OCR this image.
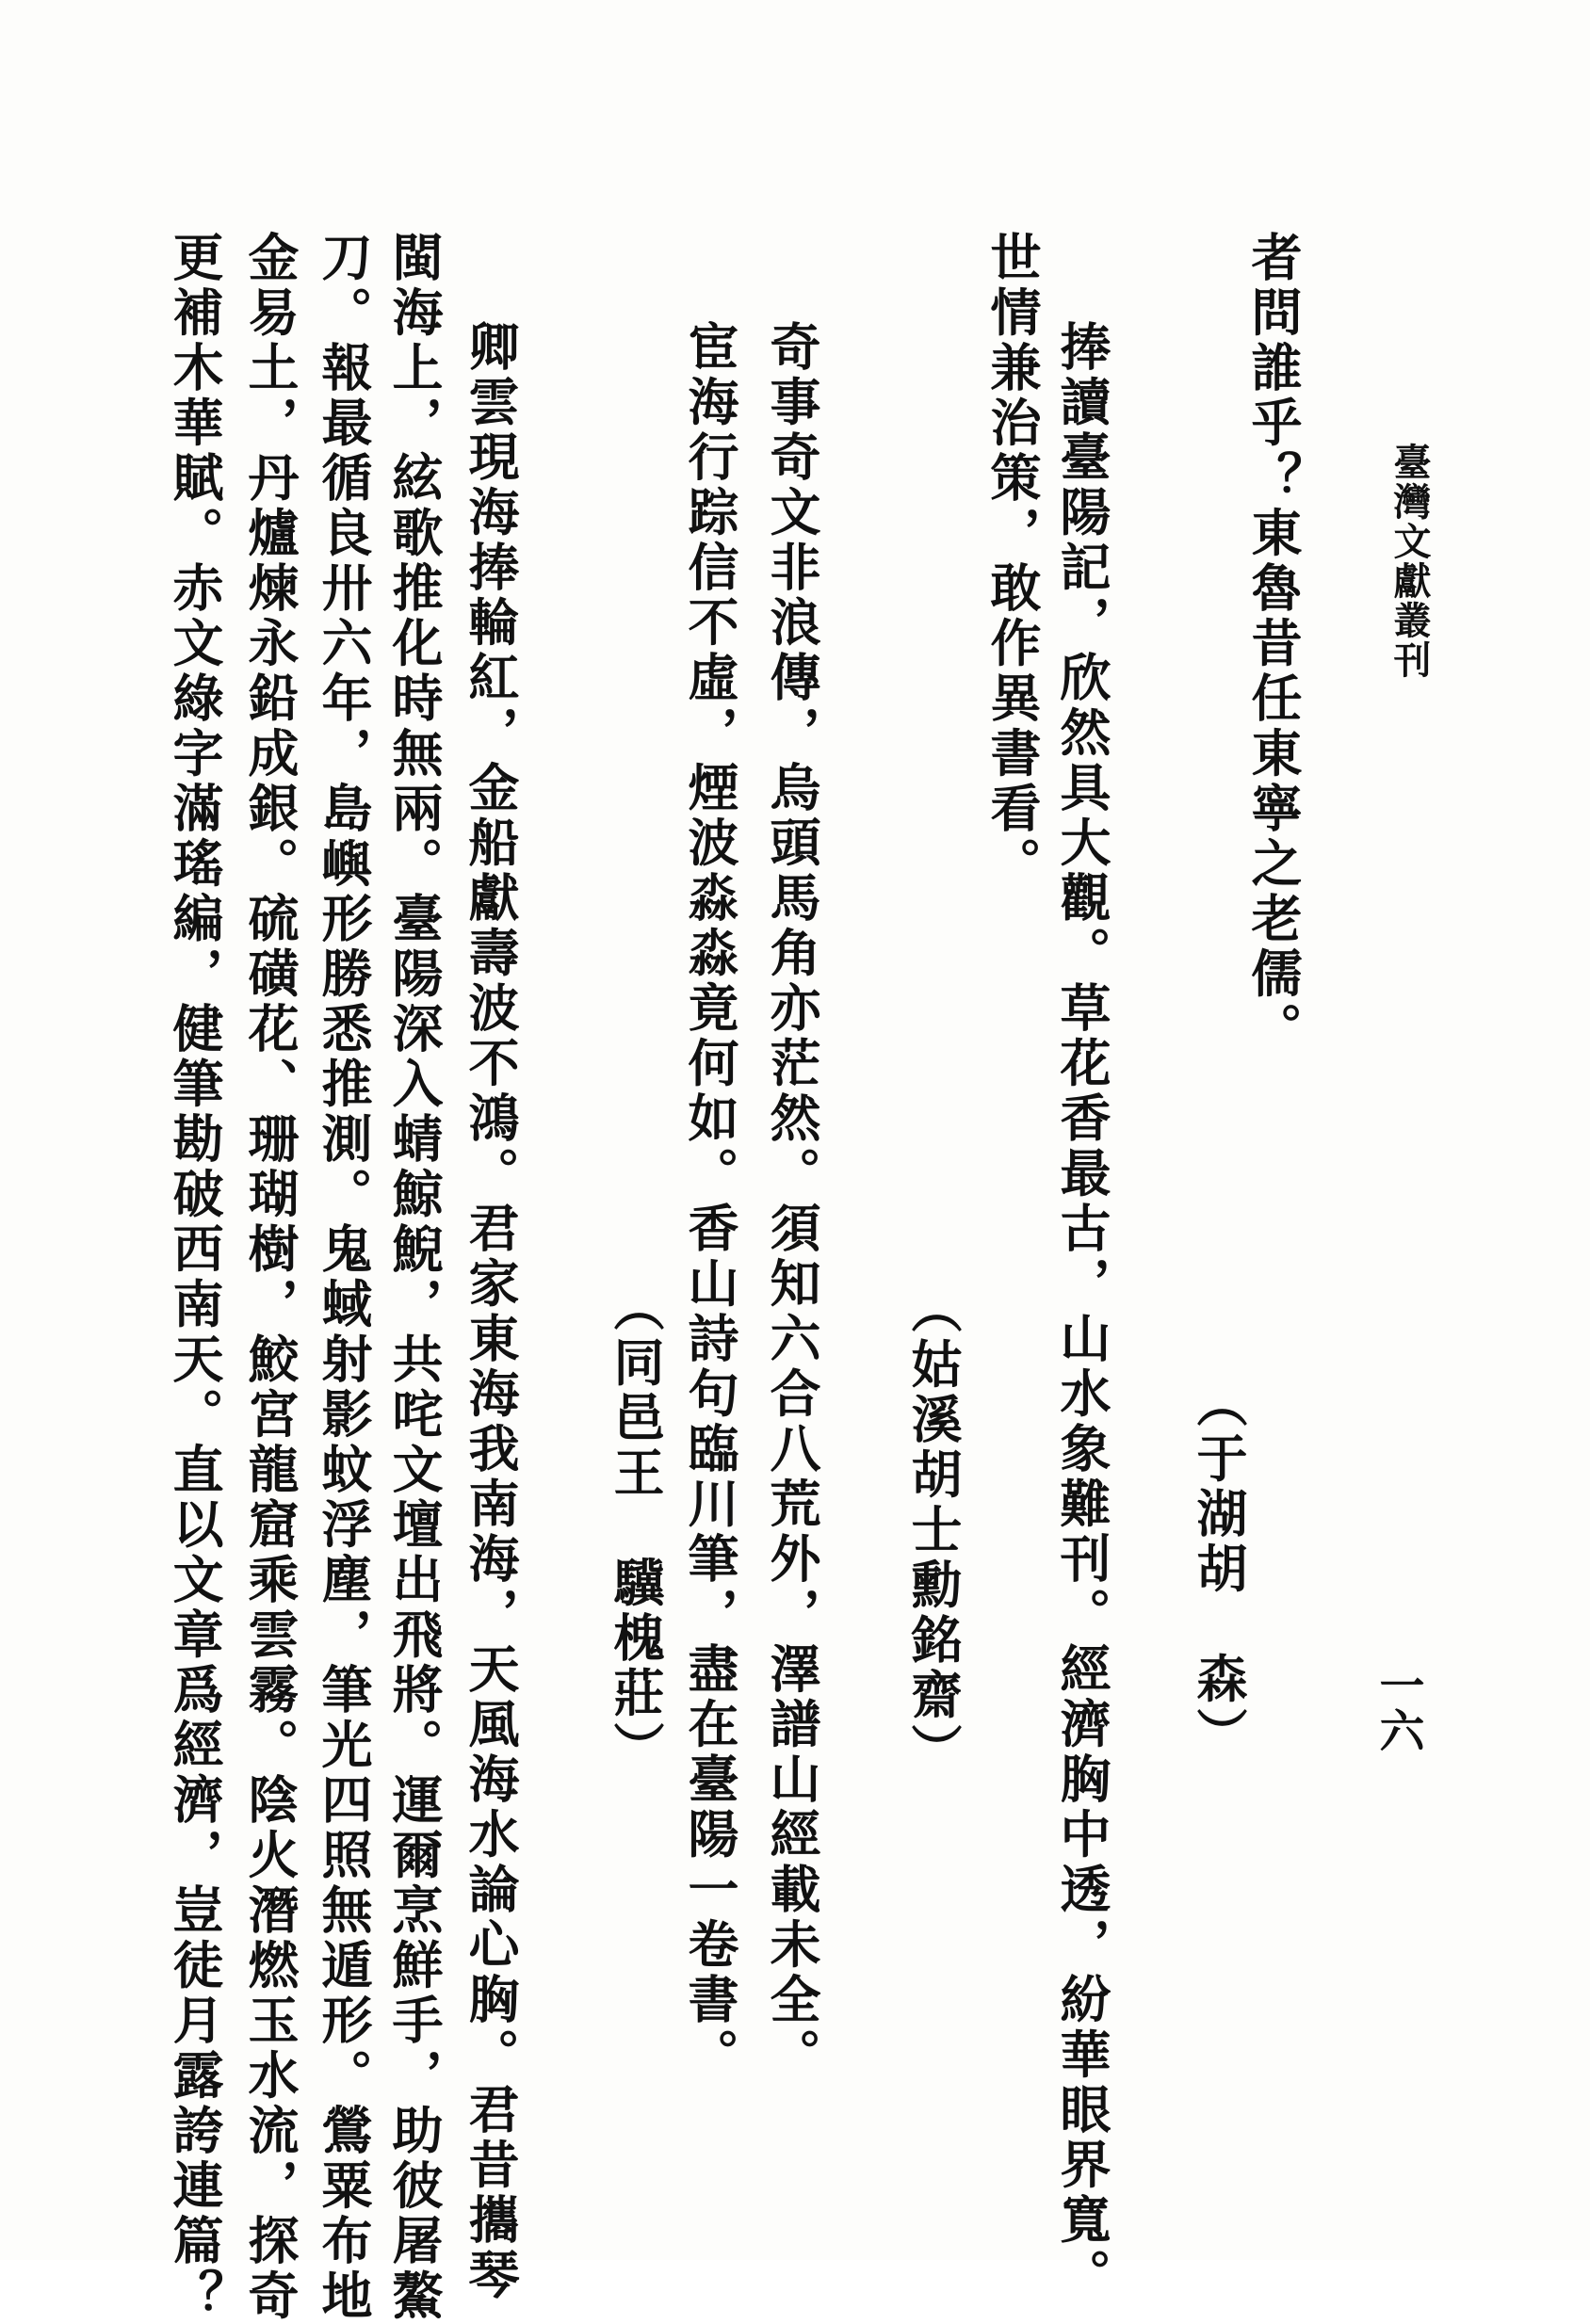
臺灣文獻叢刊
一六
者問誰乎？東魯昔任東寧之老儒。
（于湖胡　森）
捧讀臺陽記，欣然具大觀。草花香最古，山水象難刊。經濟胸中透，紛華眼界寬。
世情兼治策，敢作異書看。
（姑溪胡士勳銘齋）
奇事奇文非浪傳，烏頭馬角亦茫然。須知六合八荒外，澤譜山經載未全。
宦海行踪信不虛，煙波淼淼竟何如。香山詩句臨川筆，盡在臺陽一卷書。
（同邑王　驥槐莊）
卿雲現海捧輪紅，金船獻壽波不鴻。君家東海我南海，天風海水論心胸。君昔攜琴
閩海上，絃歌推化時無兩。臺陽深入蜻鯨鯢，共咤文壇出飛將。運爾烹鮮手，助彼屠鰲
刀。報最循良卅六年，島嶼形勝悉推測。鬼蜮射影蚊浮塵，筆光四照無遁形。鶯粟布地
金易土，丹爐煉永鉛成銀。硫磺花、珊瑚樹，鮫宮龍窟乘雲霧。陰火潛燃玉水流，探奇
更補木華賦。赤文綠字滿瑤編，健筆勘破西南天。直以文章爲經濟，豈徒月露誇連篇？
